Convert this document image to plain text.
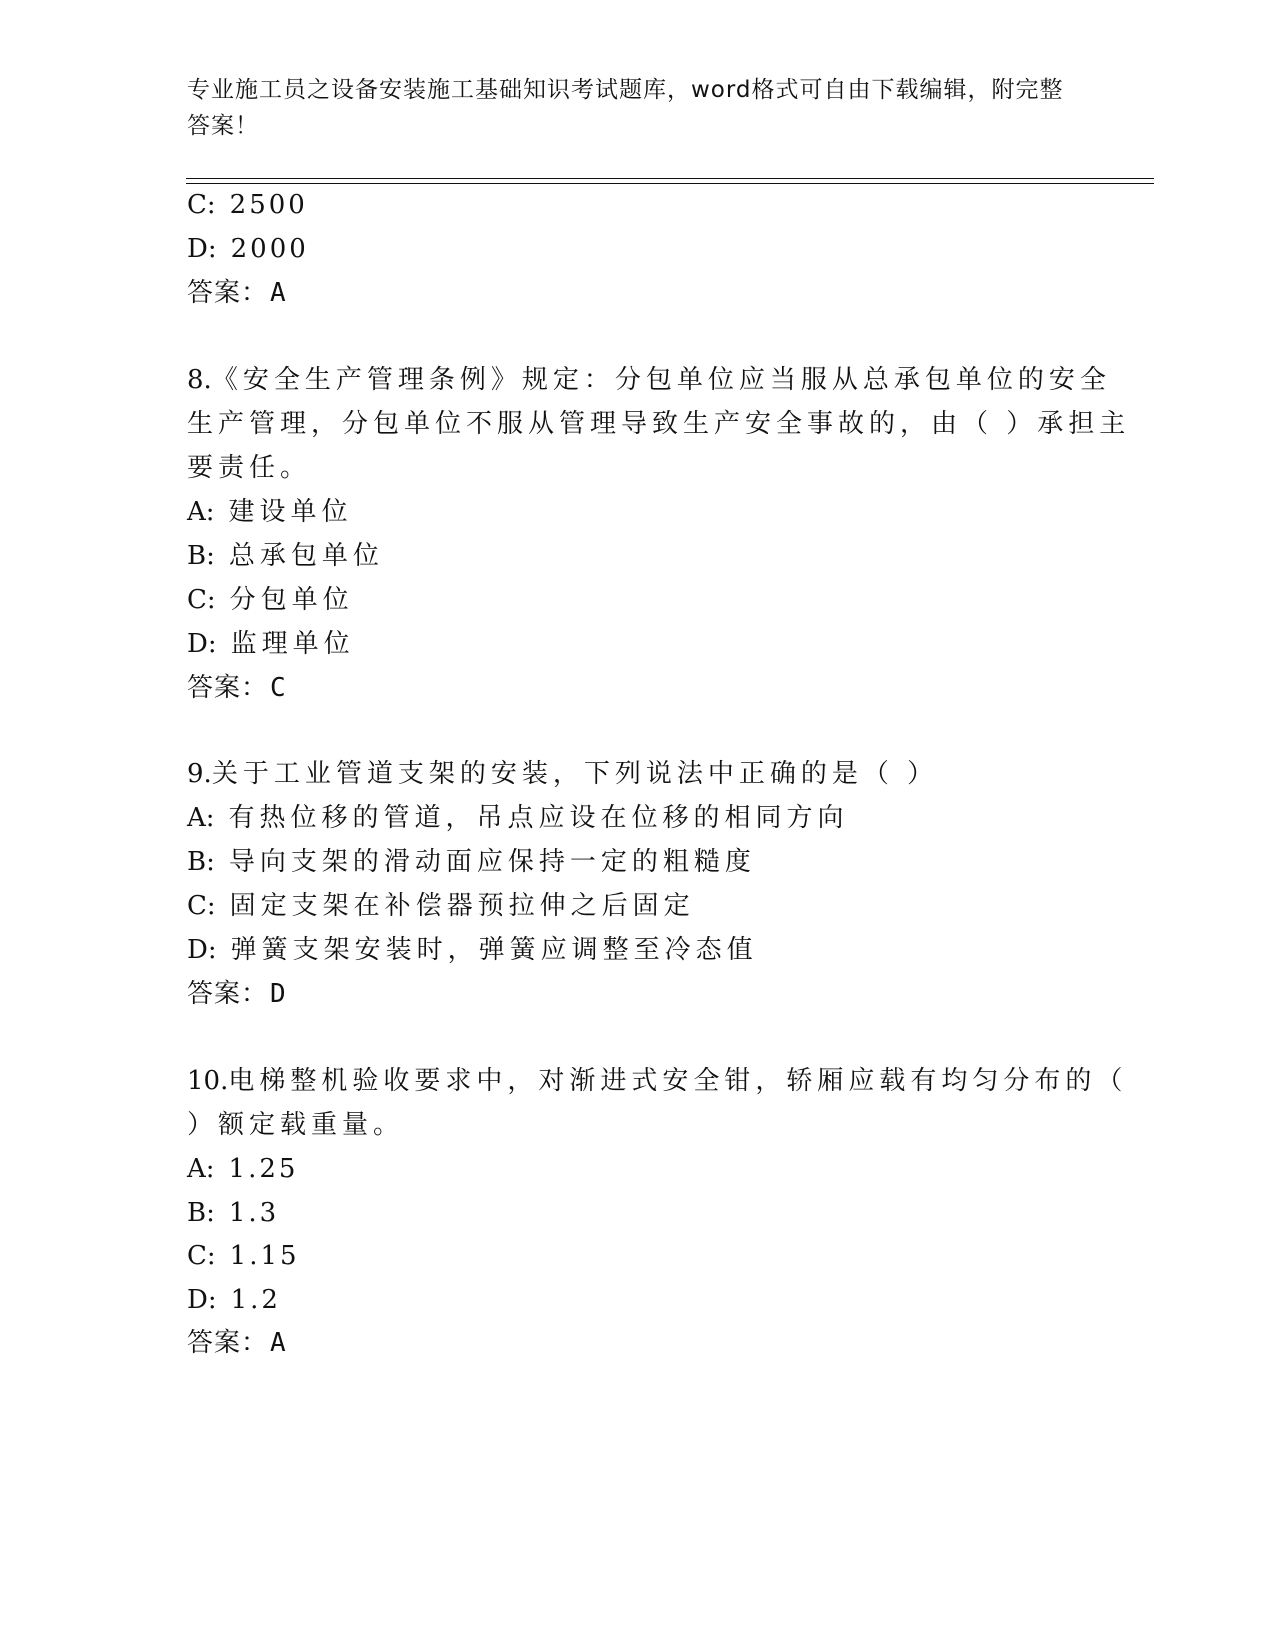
专业施工员之设备安装施工基础知识考试题库，word格式可自由下载编辑，附完整答案！
C: 2500
D: 2000
答案：A
8.《安全生产管理条例》规定：分包单位应当服从总承包单位的安全
生产管理，分包单位不服从管理导致生产安全事故的，由（ ）承担主
要责任。
A: 建设单位
B: 总承包单位
C: 分包单位
D: 监理单位
答案：C
9.关于工业管道支架的安装，下列说法中正确的是（ ）
A: 有热位移的管道，吊点应设在位移的相同方向
B: 导向支架的滑动面应保持一定的粗糙度
C: 固定支架在补偿器预拉伸之后固定
D: 弹簧支架安装时，弹簧应调整至冷态值
答案：D
10.电梯整机验收要求中，对渐进式安全钳，轿厢应载有均匀分布的（
）额定载重量。
A: 1.25
B: 1.3
C: 1.15
D: 1.2
答案：A
